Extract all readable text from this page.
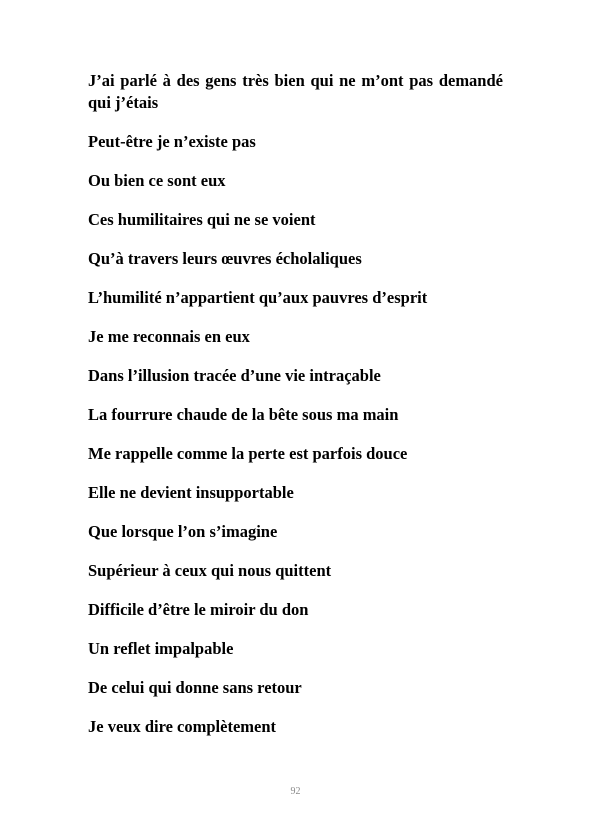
J’ai parlé à des gens très bien qui ne m’ont pas demandé qui j’étais

Peut-être je n’existe pas

Ou bien ce sont eux

Ces humilitaires qui ne se voient

Qu’à travers leurs œuvres écholaliques

L’humilité n’appartient qu’aux pauvres d’esprit

Je me reconnais en eux

Dans l’illusion tracée d’une vie intraçable

La fourrure chaude de la bête sous ma main

Me rappelle comme la perte est parfois douce

Elle ne devient insupportable

Que lorsque l’on s’imagine

Supérieur à ceux qui nous quittent

Difficile d’être le miroir du don

Un reflet impalpable

De celui qui donne sans retour

Je veux dire complètement

92
